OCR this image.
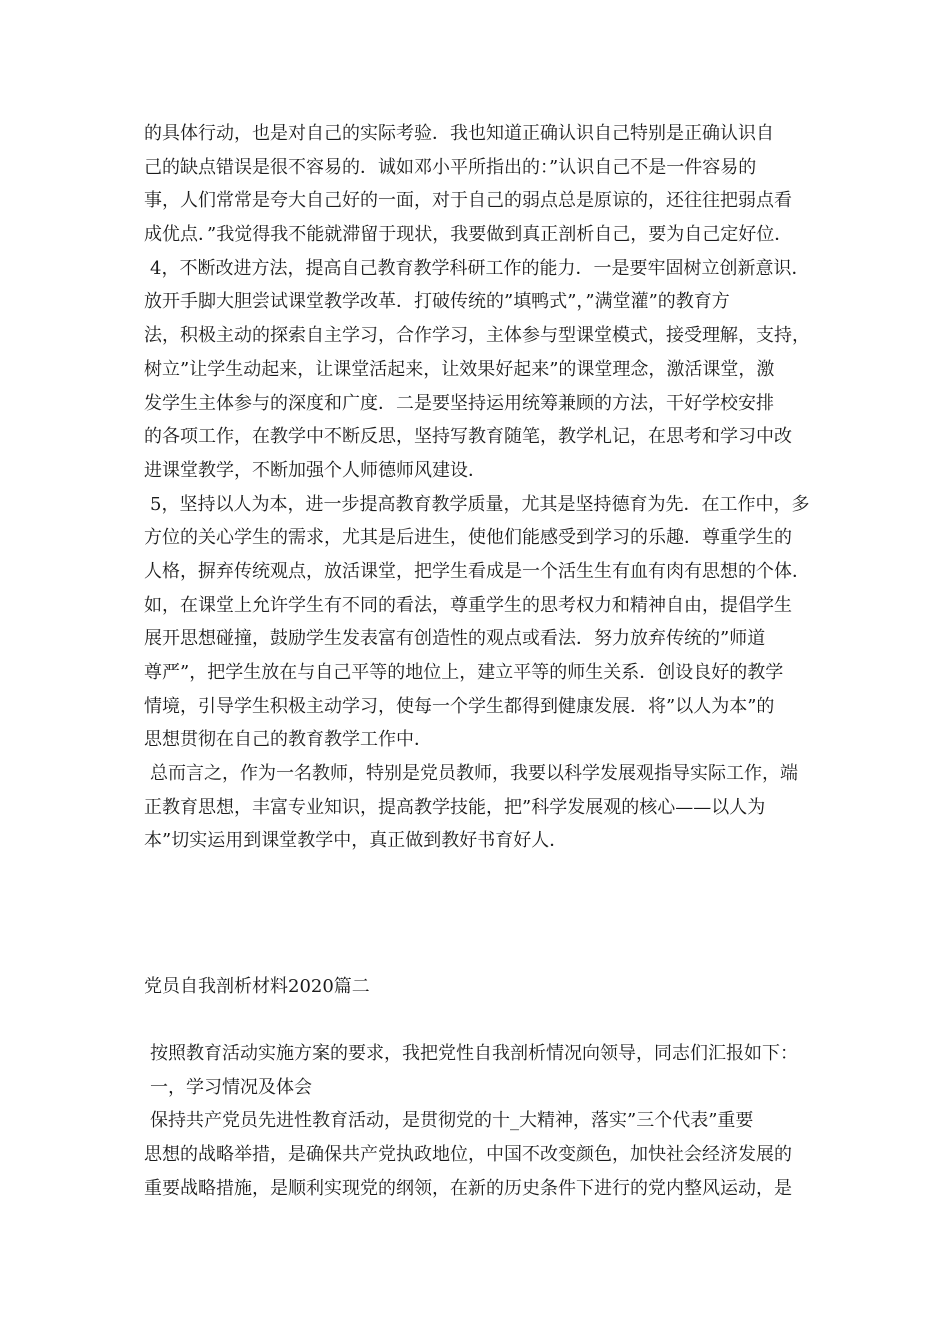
的具体行动，也是对自己的实际考验．我也知道正确认识自己特别是正确认识自
己的缺点错误是很不容易的．诚如邓小平所指出的：”认识自己不是一件容易的
事，人们常常是夸大自己好的一面，对于自己的弱点总是原谅的，还往往把弱点看
成优点．”我觉得我不能就滞留于现状，我要做到真正剖析自己，要为自己定好位．
4，不断改进方法，提高自己教育教学科研工作的能力．一是要牢固树立创新意识．
放开手脚大胆尝试课堂教学改革．打破传统的”填鸭式”，”满堂灌”的教育方
法，积极主动的探索自主学习，合作学习，主体参与型课堂模式，接受理解，支持，
树立”让学生动起来，让课堂活起来，让效果好起来”的课堂理念，激活课堂，激
发学生主体参与的深度和广度．二是要坚持运用统筹兼顾的方法，干好学校安排
的各项工作，在教学中不断反思，坚持写教育随笔，教学札记，在思考和学习中改
进课堂教学，不断加强个人师德师风建设．
5，坚持以人为本，进一步提高教育教学质量，尤其是坚持德育为先．在工作中，多
方位的关心学生的需求，尤其是后进生，使他们能感受到学习的乐趣．尊重学生的
人格，摒弃传统观点，放活课堂，把学生看成是一个活生生有血有肉有思想的个体．
如，在课堂上允许学生有不同的看法，尊重学生的思考权力和精神自由，提倡学生
展开思想碰撞，鼓励学生发表富有创造性的观点或看法．努力放弃传统的”师道
尊严”，把学生放在与自己平等的地位上，建立平等的师生关系．创设良好的教学
情境，引导学生积极主动学习，使每一个学生都得到健康发展．将”以人为本”的
思想贯彻在自己的教育教学工作中．
总而言之，作为一名教师，特别是党员教师，我要以科学发展观指导实际工作，端
正教育思想，丰富专业知识，提高教学技能，把”科学发展观的核心——以人为
本”切实运用到课堂教学中，真正做到教好书育好人．
党员自我剖析材料2020篇二
按照教育活动实施方案的要求，我把党性自我剖析情况向领导，同志们汇报如下：
一，学习情况及体会
保持共产党员先进性教育活动，是贯彻党的十_大精神，落实”三个代表”重要
思想的战略举措，是确保共产党执政地位，中国不改变颜色，加快社会经济发展的
重要战略措施，是顺利实现党的纲领，在新的历史条件下进行的党内整风运动，是
